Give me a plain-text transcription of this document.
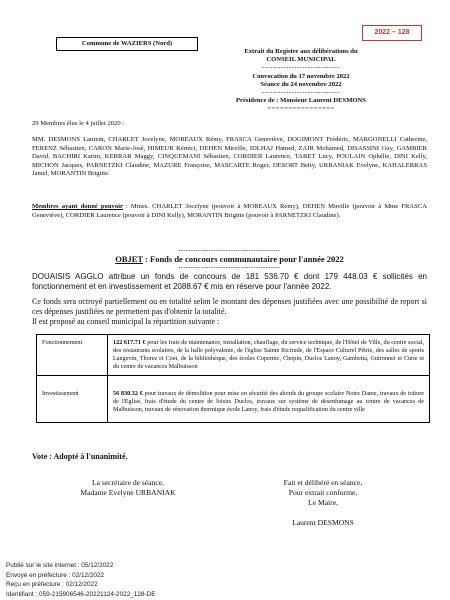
2022 – 128
Commune de WAZIERS (Nord)
Extrait du Registre aux délibérations du
CONSEIL MUNICIPAL
-----------------------------
Convocation du 17 novembre 2022
Séance du 24 novembre 2022
-----------------------------
Présidence de : Monsieur Laurent DESMONS
================
29 Membres élus le 4 juillet 2020 :
MM. DESMONS Laurent, CHARLET Jocelyne, MOREAUX Rémy, FRASCA Geneviève, DOGIMONT Frédéric, MARGONELLI Catherine, FERENZ Sébastien, CARON Marie-José, HIMEUR Kémici, DEHEN Mireille, IDLHAJ Hamed, ZAIR Mohamed, DISASSINI Guy, GAMBIER David, BACHIRI Karim, KERRAR Maggy, CINQUEMANI Sébastien, CORDIER Laurence, TABET Lucy, POULAIN Ophélie, DINI Kelly, MICHON Jacques, PARNETZKI Claudine, MAZURE Françoise, MASCARTE Roger, DESORT Betty, URBANIAK Evelyne, KAHALERRAS Jamel, MORANTIN Brigitte.
Membres ayant donné pouvoir : Mmes. CHARLET Jocelyne (pouvoir à MOREAUX Rémy), DEHEN Mireille (pouvoir à Mme FRASCA Geneviève), CORDIER Laurence (pouvoir à DINI Kelly), MORANTIN Brigitte (pouvoir à PARNETZKI Claudine).
-----------------------------------------
OBJET : Fonds de concours communautaire pour l'année 2022
-----------------------------------------
DOUAISIS AGGLO attribue un fonds de concours de 181 536.70 € dont 179 448.03 € sollicités en fonctionnement et en investissement et 2088.67 € mis en réserve pour l'année 2022.
Ce fonds sera octroyé partiellement ou en totalité selon le montant des dépenses justifiées avec une possibilité de report si ces dépenses justifiées ne permettent pas d'obtenir la totalité.
Il est proposé au conseil municipal la répartition suivante :
Fonctionnement	122 617.71 € pour les frais de maintenance, installation, chauffage, du service technique, de l'Hôtel de Ville, du centre social, des restaurants scolaires, de la halle polyvalente, de l'église Sainte Rictrude, de l'Espace Culturel Pétrie, des salles de sports Langevin, Thorez et Coet, de la bibliothèque, des écoles Copernic, Chopin, Duclos Lanoy, Gambetta, Guironnet et Curie et du centre de vacances Malbuisson
Investissement	56 830.32 € pour travaux de démolition pour mise en sécurité des abords du groupe scolaire Notre Dame, travaux de toiture de l'Eglise, frais d'étude du centre de loisirs Duclos, travaux sur système de désenfumage au centre de vacances de Malbuisson, travaux de rénovation thermique école Lanoy, frais d'étude requalification du centre ville
Vote : Adopté à l'unanimité.
La secrétaire de séance,
Madame Evelyne URBANIAK
Fait et délibéré en séance,
Pour extrait conforme,
Le Maire,
Laurent DESMONS
Publié sur le site internet : 05/12/2022
Envoyé en préfecture : 02/12/2022
Reçu en préfecture : 02/12/2022
Identifiant : 059-215906546-20221124-2022_128-DE
